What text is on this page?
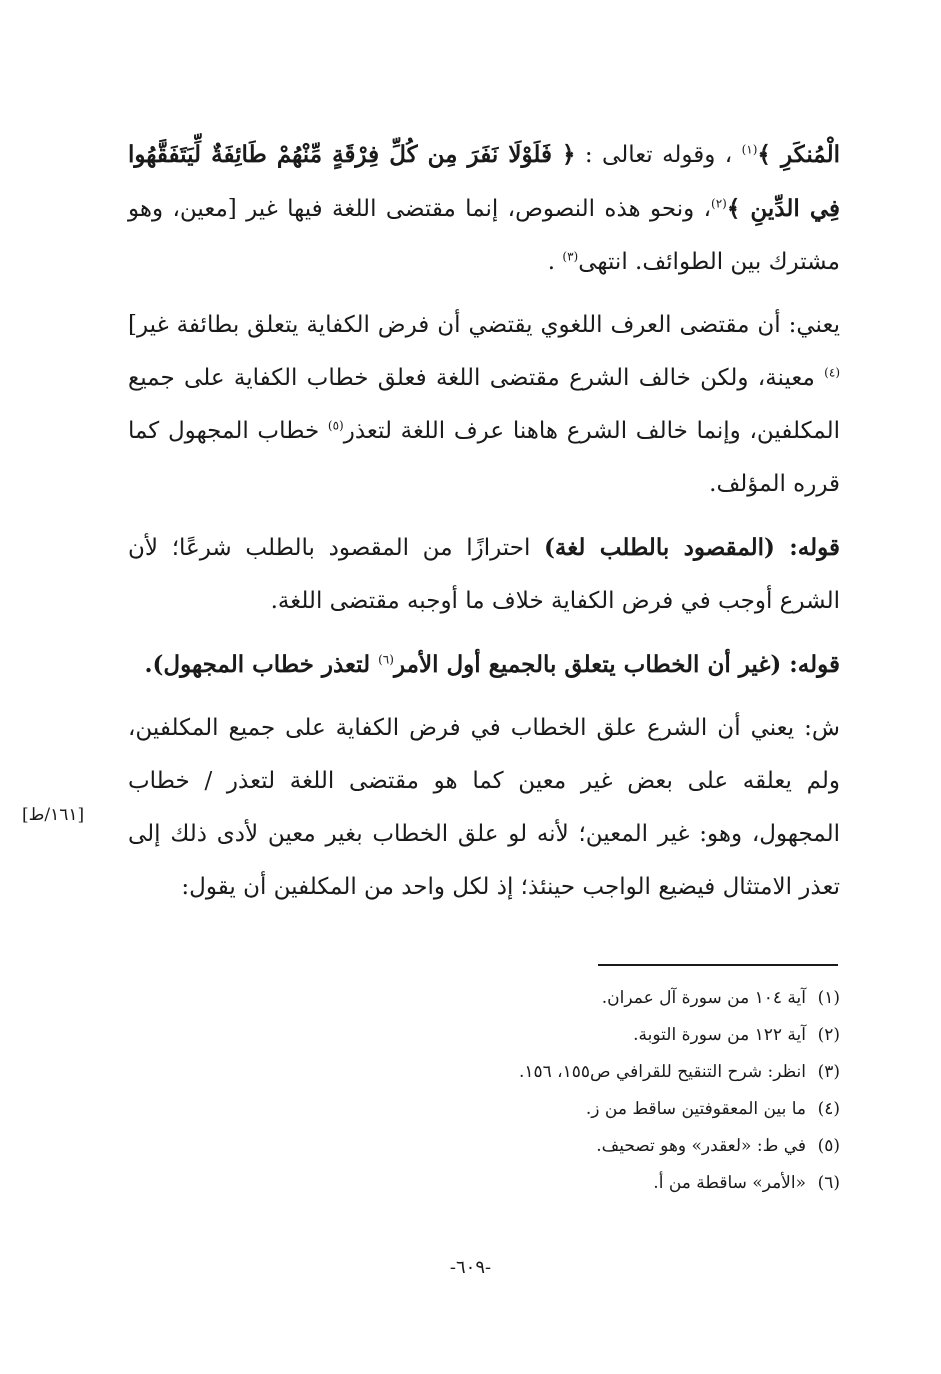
الْمُنكَرِ ﴾$^{(١)}$ ، وقوله تعالى : ﴿ فَلَوْلَا نَفَرَ مِن كُلِّ فِرْقَةٍ مِّنْهُمْ طَائِفَةٌ لِّيَتَفَقَّهُوا فِي الدِّينِ ﴾$^{(٢)}$، ونحو هذه النصوص، إنما مقتضى اللغة فيها غير [معين، وهو مشترك بين الطوائف. انتهى$^{(٣)}$ .

يعني: أن مقتضى العرف اللغوي يقتضي أن فرض الكفاية يتعلق بطائفة غير]$^{(٤)}$ معينة، ولكن خالف الشرع مقتضى اللغة فعلق خطاب الكفاية على جميع المكلفين، وإنما خالف الشرع هاهنا عرف اللغة لتعذر$^{(٥)}$ خطاب المجهول كما قرره المؤلف.

قوله: (المقصود بالطلب لغة) احترازًا من المقصود بالطلب شرعًا؛ لأن الشرع أوجب في فرض الكفاية خلاف ما أوجبه مقتضى اللغة.

قوله: (غير أن الخطاب يتعلق بالجميع أول الأمر$^{(٦)}$ لتعذر خطاب المجهول).

ش: يعني أن الشرع علق الخطاب في فرض الكفاية على جميع المكلفين، ولم يعلقه على بعض غير معين كما هو مقتضى اللغة لتعذر / خطاب المجهول، وهو: غير المعين؛ لأنه لو علق الخطاب بغير معين لأدى ذلك إلى تعذر الامتثال فيضيع الواجب حينئذ؛ إذ لكل واحد من المكلفين أن يقول:

[١٦١/ط]
(١)آية ١٠٤ من سورة آل عمران.
(٢)آية ١٢٢ من سورة التوبة.
(٣)انظر: شرح التنقيح للقرافي ص١٥٥، ١٥٦.
(٤)ما بين المعقوفتين ساقط من ز.
(٥)في ط: «لعقدر» وهو تصحيف.
(٦)«الأمر» ساقطة من أ.
-٦٠٩-
